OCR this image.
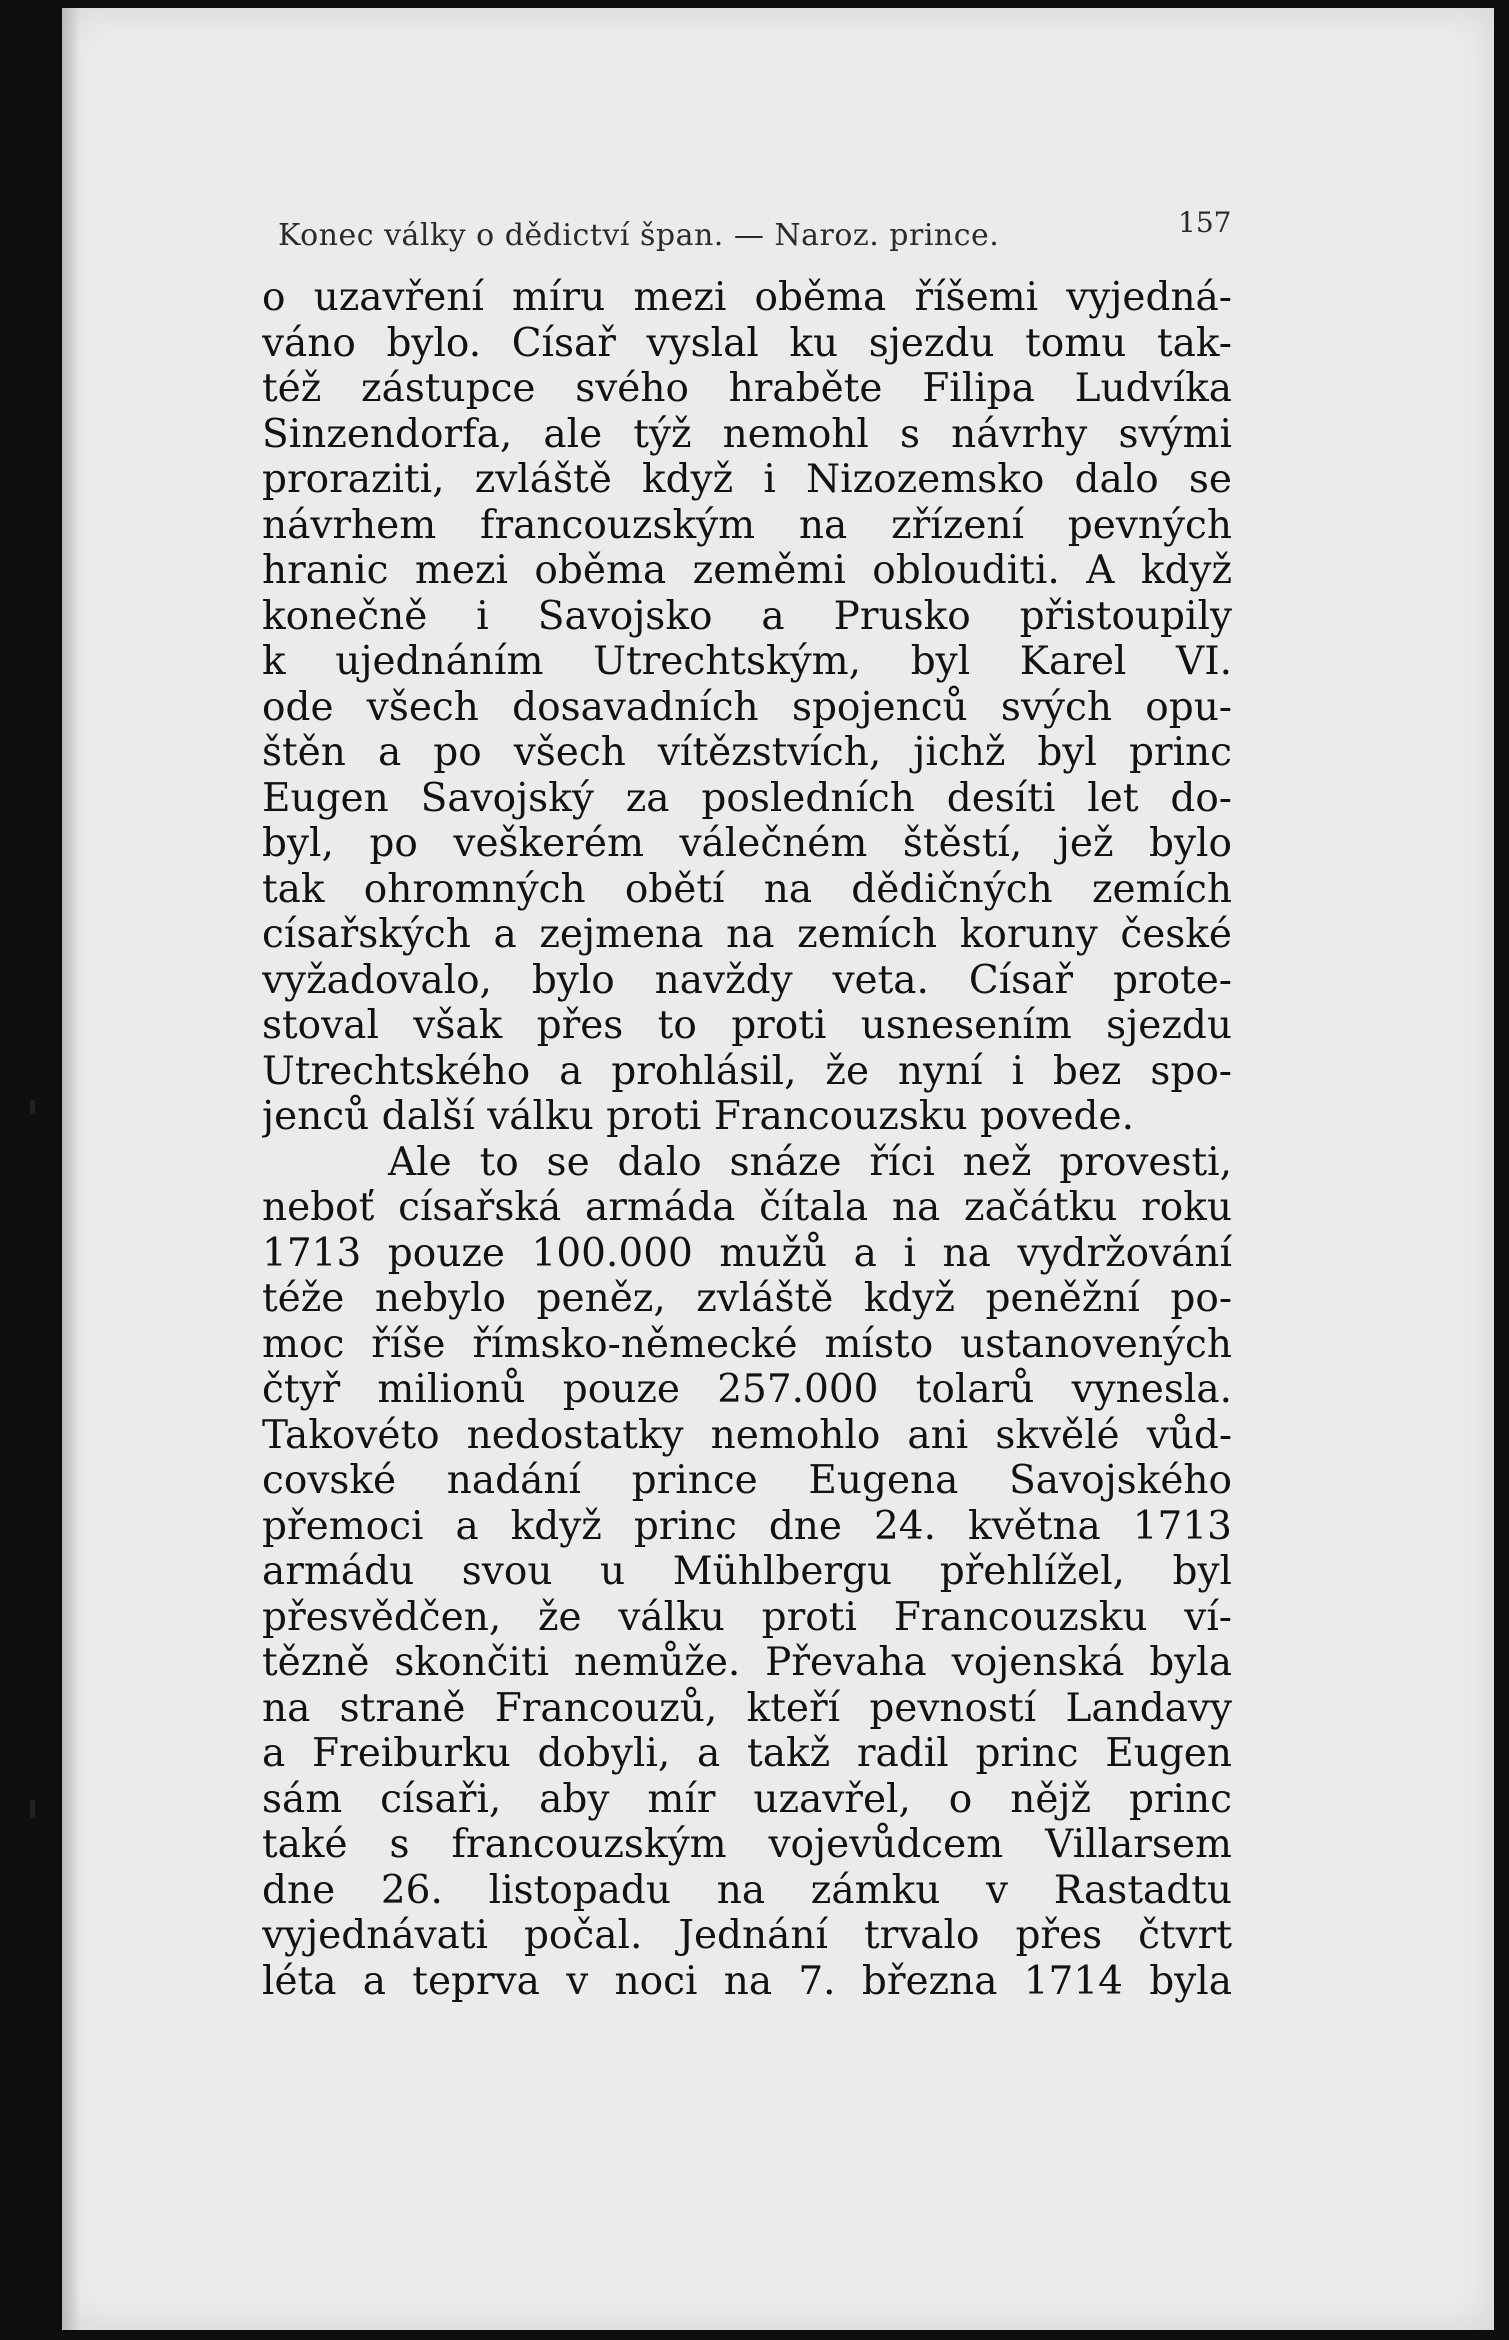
Konec války o dědictví špan. — Naroz. prince.	157
o uzavření míru mezi oběma říšemi vyjedná-
váno bylo. Císař vyslal ku sjezdu tomu tak-
též zástupce svého hraběte Filipa Ludvíka
Sinzendorfa, ale týž nemohl s návrhy svými
proraziti, zvláště když i Nizozemsko dalo se
návrhem francouzským na zřízení pevných
hranic mezi oběma zeměmi oblouditi. A když
konečně i Savojsko a Prusko přistoupily
k ujednáním Utrechtským, byl Karel VI.
ode všech dosavadních spojenců svých opu-
štěn a po všech vítězstvích, jichž byl princ
Eugen Savojský za posledních desíti let do-
byl, po veškerém válečném štěstí, jež bylo
tak ohromných obětí na dědičných zemích
císařských a zejmena na zemích koruny české
vyžadovalo, bylo navždy veta. Císař prote-
stoval však přes to proti usnesením sjezdu
Utrechtského a prohlásil, že nyní i bez spo-
jenců další válku proti Francouzsku povede.
Ale to se dalo snáze říci než provesti,
neboť císařská armáda čítala na začátku roku
1713 pouze 100.000 mužů a i na vydržování
téže nebylo peněz, zvláště když peněžní po-
moc říše římsko-německé místo ustanovených
čtyř milionů pouze 257.000 tolarů vynesla.
Takovéto nedostatky nemohlo ani skvělé vůd-
covské nadání prince Eugena Savojského
přemoci a když princ dne 24. května 1713
armádu svou u Mühlbergu přehlížel, byl
přesvědčen, že válku proti Francouzsku ví-
tězně skončiti nemůže. Převaha vojenská byla
na straně Francouzů, kteří pevností Landavy
a Freiburku dobyli, a takž radil princ Eugen
sám císaři, aby mír uzavřel, o nějž princ
také s francouzským vojevůdcem Villarsem
dne 26. listopadu na zámku v Rastadtu
vyjednávati počal. Jednání trvalo přes čtvrt
léta a teprva v noci na 7. března 1714 byla
